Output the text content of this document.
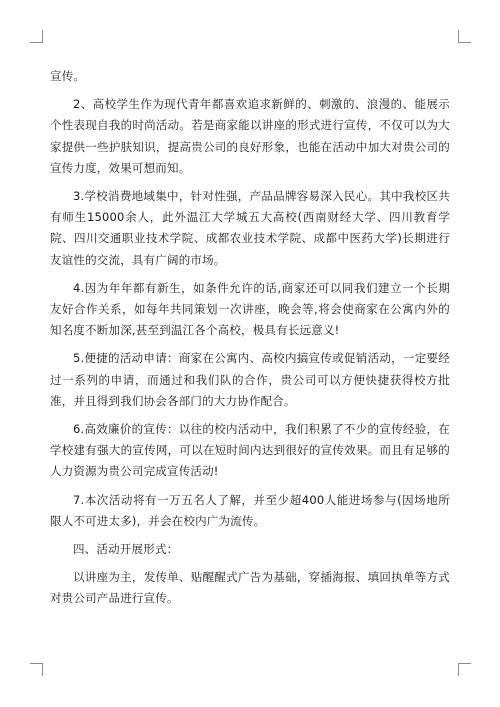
宣传。

2、高校学生作为现代青年都喜欢追求新鲜的、刺激的、浪漫的、能展示个性表现自我的时尚活动。若是商家能以讲座的形式进行宣传，不仅可以为大家提供一些护肤知识，提高贵公司的良好形象，也能在活动中加大对贵公司的宣传力度，效果可想而知。

3.学校消费地域集中，针对性强，产品品牌容易深入民心。其中我校区共有师生15000余人，此外温江大学城五大高校(西南财经大学、四川教育学院、四川交通职业技术学院、成都农业技术学院、成都中医药大学)长期进行友谊性的交流，具有广阔的市场。

4.因为年年都有新生，如条件允许的话,商家还可以同我们建立一个长期友好合作关系，如每年共同策划一次讲座，晚会等,将会使商家在公寓内外的知名度不断加深,甚至到温江各个高校，极具有长远意义!

5.便捷的活动申请：商家在公寓内、高校内搞宣传或促销活动，一定要经过一系列的申请，而通过和我们队的合作，贵公司可以方便快捷获得校方批准，并且得到我们协会各部门的大力协作配合。

6.高效廉价的宣传：以往的校内活动中，我们积累了不少的宣传经验，在学校建有强大的宣传网，可以在短时间内达到很好的宣传效果。而且有足够的人力资源为贵公司完成宣传活动!

7.本次活动将有一万五名人了解，并至少超400人能进场参与(因场地所限人不可进太多)，并会在校内广为流传。

四、活动开展形式：

以讲座为主，发传单、贴醒醒式广告为基础，穿插海报、填回执单等方式对贵公司产品进行宣传。
